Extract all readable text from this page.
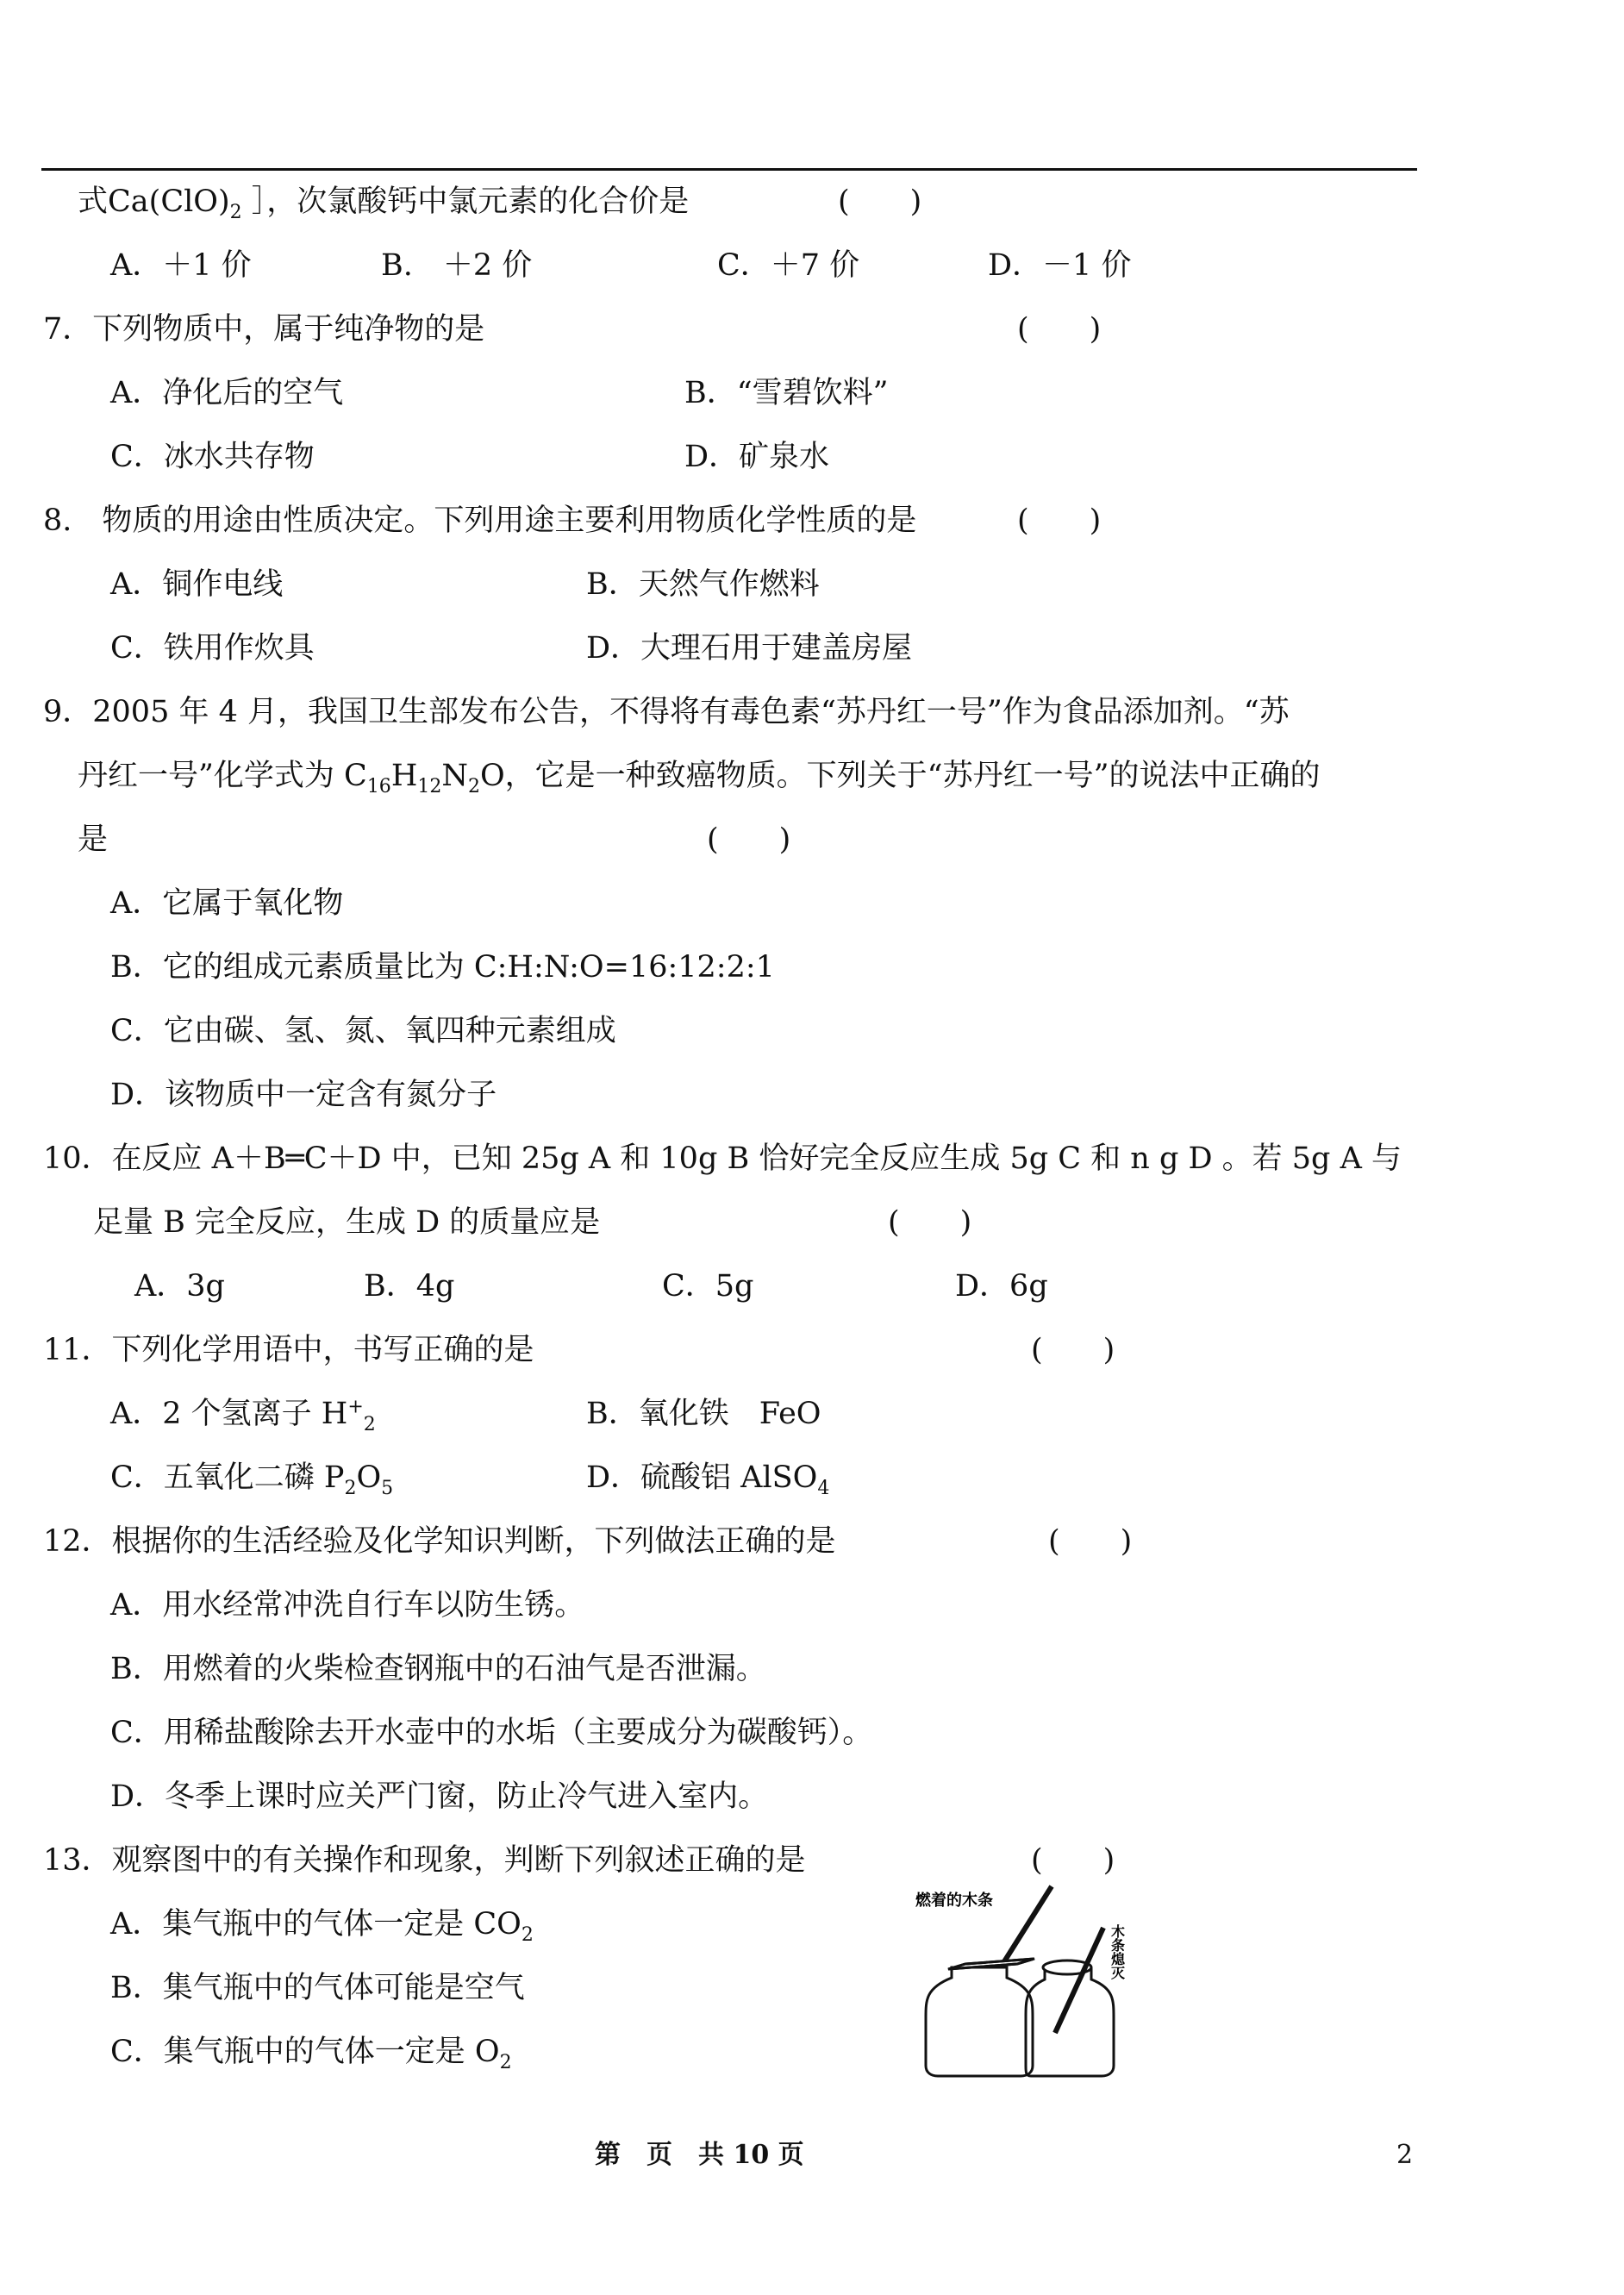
式$Ca(ClO)_2$ ］，次氯酸钙中氯元素的化合价是	(　　)
A．＋1 价	B.　＋2 价	C．＋7 价	D．－1 价
7．下列物质中，属于纯净物的是	(　　)
A．净化后的空气	B．“雪碧饮料”
C．冰水共存物	D．矿泉水
8.　物质的用途由性质决定。下列用途主要利用物质化学性质的是	(　　)
A．铜作电线	B．天然气作燃料
C．铁用作炊具	D．大理石用于建盖房屋
9．2005 年 4 月，我国卫生部发布公告，不得将有毒色素“苏丹红一号”作为食品添加剂。“苏
丹红一号”化学式为 $C_{16}H_{12}N_2O$，它是一种致癌物质。下列关于“苏丹红一号”的说法中正确的
是	(　　)
A．它属于氧化物
B．它的组成元素质量比为 C:H:N:O=16:12:2:1
C．它由碳、氢、氮、氧四种元素组成
D．该物质中一定含有氮分子
10．在反应 A＋B═C＋D 中，已知 25g A 和 10g B 恰好完全反应生成 5g C 和 n g D 。若 5g A 与
足量 B 完全反应，生成 D 的质量应是	(　　)
A．3g	B．4g	C．5g	D．6g
11．下列化学用语中，书写正确的是	(　　)
A．2 个氢离子 $H^+_2$	B．氧化铁　FeO
C．五氧化二磷 $P_2O_5$	D．硫酸铝 AlSO$_4$
12．根据你的生活经验及化学知识判断，下列做法正确的是	(　　)
A．用水经常冲洗自行车以防生锈。
B．用燃着的火柴检查钢瓶中的石油气是否泄漏。
C．用稀盐酸除去开水壶中的水垢（主要成分为碳酸钙）。
D．冬季上课时应关严门窗，防止冷气进入室内。
13．观察图中的有关操作和现象，判断下列叙述正确的是	(　　)
A．集气瓶中的气体一定是 $CO_2$
B．集气瓶中的气体可能是空气
C．集气瓶中的气体一定是 $O_2$
燃着的木条
木条熄灭
第　页　共 10 页	2
